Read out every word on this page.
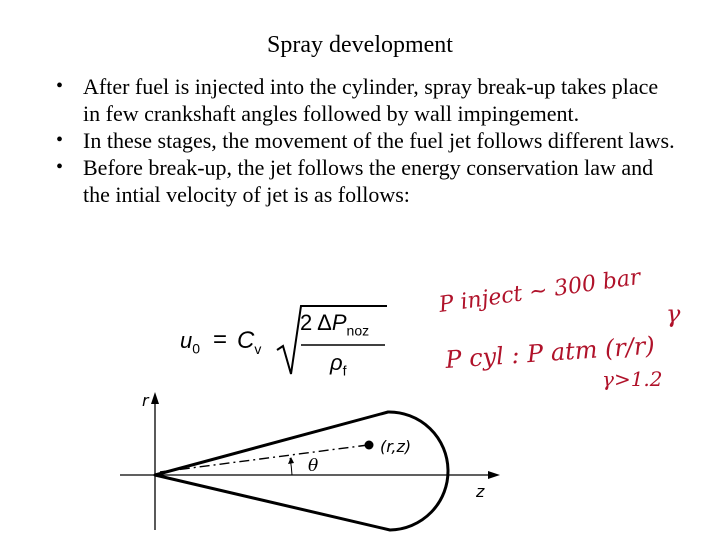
Spray development
• After fuel is injected into the cylinder, spray break-up takes place in few crankshaft angles followed by wall impingement.
• In these stages, the movement of the fuel jet follows different laws.
• Before break-up, the jet follows the energy conservation law and the intial velocity of jet is as follows:
$u_0 = C_v$
2 $\Delta P_{noz}$
$\rho_f$
r
z
(r,z)
θ
P inject ~ 300 bar γ
P cyl : P atm (r/r)
γ>1.2
